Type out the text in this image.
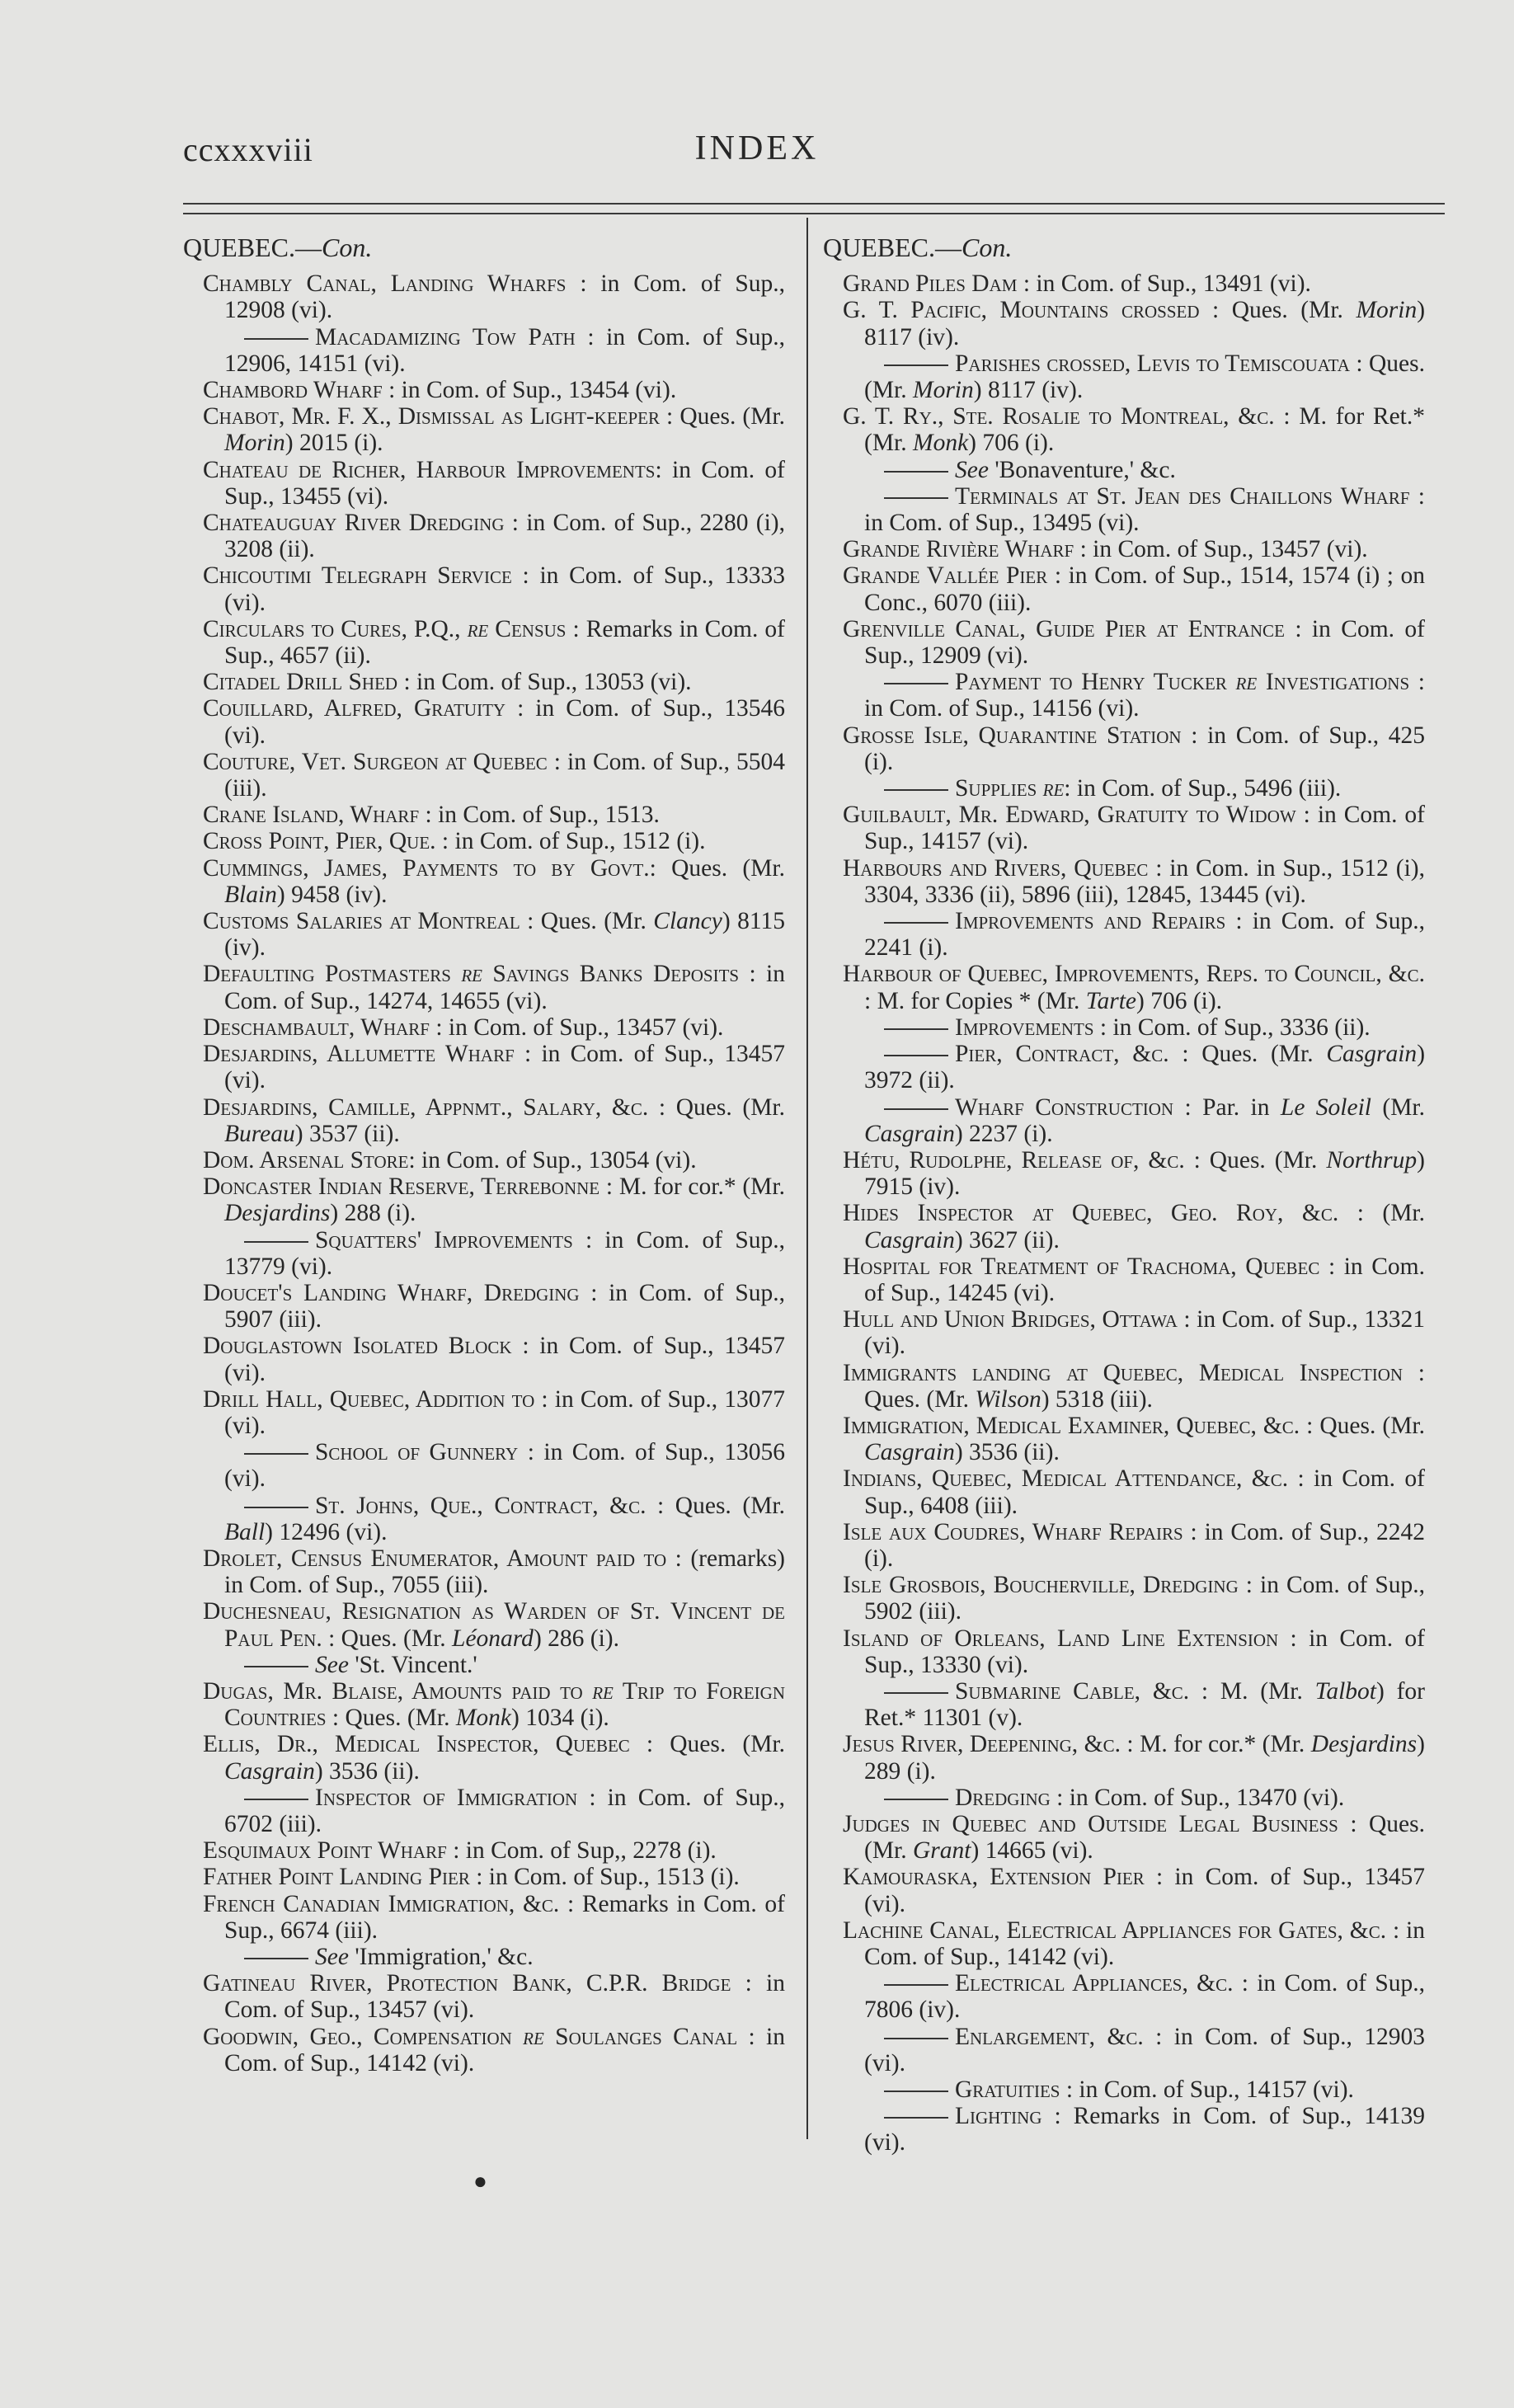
ccxxxviii	INDEX
QUEBEC.—Con.
Chambly Canal, Landing Wharfs : in Com. of Sup., 12908 (vi).
Macadamizing Tow Path : in Com. of Sup., 12906, 14151 (vi).
Chambord Wharf : in Com. of Sup., 13454 (vi).
Chabot, Mr. F. X., Dismissal as Light-keeper : Ques. (Mr. Morin) 2015 (i).
Chateau de Richer, Harbour Improvements: in Com. of Sup., 13455 (vi).
Chateauguay River Dredging : in Com. of Sup., 2280 (i), 3208 (ii).
Chicoutimi Telegraph Service : in Com. of Sup., 13333 (vi).
Circulars to Cures, P.Q., re Census : Remarks in Com. of Sup., 4657 (ii).
Citadel Drill Shed : in Com. of Sup., 13053 (vi).
Couillard, Alfred, Gratuity : in Com. of Sup., 13546 (vi).
Couture, Vet. Surgeon at Quebec : in Com. of Sup., 5504 (iii).
Crane Island, Wharf : in Com. of Sup., 1513.
Cross Point, Pier, Que. : in Com. of Sup., 1512 (i).
Cummings, James, Payments to by Govt.: Ques. (Mr. Blain) 9458 (iv).
Customs Salaries at Montreal : Ques. (Mr. Clancy) 8115 (iv).
Defaulting Postmasters re Savings Banks Deposits : in Com. of Sup., 14274, 14655 (vi).
Deschambault, Wharf : in Com. of Sup., 13457 (vi).
Desjardins, Allumette Wharf : in Com. of Sup., 13457 (vi).
Desjardins, Camille, Appnmt., Salary, &c. : Ques. (Mr. Bureau) 3537 (ii).
Dom. Arsenal Store: in Com. of Sup., 13054 (vi).
Doncaster Indian Reserve, Terrebonne : M. for cor.* (Mr. Desjardins) 288 (i).
Squatters' Improvements : in Com. of Sup., 13779 (vi).
Doucet's Landing Wharf, Dredging : in Com. of Sup., 5907 (iii).
Douglastown Isolated Block : in Com. of Sup., 13457 (vi).
Drill Hall, Quebec, Addition to : in Com. of Sup., 13077 (vi).
School of Gunnery : in Com. of Sup., 13056 (vi).
St. Johns, Que., Contract, &c. : Ques. (Mr. Ball) 12496 (vi).
Drolet, Census Enumerator, Amount paid to : (remarks) in Com. of Sup., 7055 (iii).
Duchesneau, Resignation as Warden of St. Vincent de Paul Pen. : Ques. (Mr. Léonard) 286 (i).
See 'St. Vincent.'
Dugas, Mr. Blaise, Amounts paid to re Trip to Foreign Countries : Ques. (Mr. Monk) 1034 (i).
Ellis, Dr., Medical Inspector, Quebec : Ques. (Mr. Casgrain) 3536 (ii).
Inspector of Immigration : in Com. of Sup., 6702 (iii).
Esquimaux Point Wharf : in Com. of Sup,, 2278 (i).
Father Point Landing Pier : in Com. of Sup., 1513 (i).
French Canadian Immigration, &c. : Remarks in Com. of Sup., 6674 (iii).
See 'Immigration,' &c.
Gatineau River, Protection Bank, C.P.R. Bridge : in Com. of Sup., 13457 (vi).
Goodwin, Geo., Compensation re Soulanges Canal : in Com. of Sup., 14142 (vi).
QUEBEC.—Con.
Grand Piles Dam : in Com. of Sup., 13491 (vi).
G. T. Pacific, Mountains crossed : Ques. (Mr. Morin) 8117 (iv).
Parishes crossed, Levis to Temiscouata : Ques. (Mr. Morin) 8117 (iv).
G. T. Ry., Ste. Rosalie to Montreal, &c. : M. for Ret.* (Mr. Monk) 706 (i).
See 'Bonaventure,' &c.
Terminals at St. Jean des Chaillons Wharf : in Com. of Sup., 13495 (vi).
Grande Rivière Wharf : in Com. of Sup., 13457 (vi).
Grande Vallée Pier : in Com. of Sup., 1514, 1574 (i) ; on Conc., 6070 (iii).
Grenville Canal, Guide Pier at Entrance : in Com. of Sup., 12909 (vi).
Payment to Henry Tucker re Investigations : in Com. of Sup., 14156 (vi).
Grosse Isle, Quarantine Station : in Com. of Sup., 425 (i).
Supplies re: in Com. of Sup., 5496 (iii).
Guilbault, Mr. Edward, Gratuity to Widow : in Com. of Sup., 14157 (vi).
Harbours and Rivers, Quebec : in Com. in Sup., 1512 (i), 3304, 3336 (ii), 5896 (iii), 12845, 13445 (vi).
Improvements and Repairs : in Com. of Sup., 2241 (i).
Harbour of Quebec, Improvements, Reps. to Council, &c. : M. for Copies * (Mr. Tarte) 706 (i).
Improvements : in Com. of Sup., 3336 (ii).
Pier, Contract, &c. : Ques. (Mr. Casgrain) 3972 (ii).
Wharf Construction : Par. in Le Soleil (Mr. Casgrain) 2237 (i).
Hétu, Rudolphe, Release of, &c. : Ques. (Mr. Northrup) 7915 (iv).
Hides Inspector at Quebec, Geo. Roy, &c. : (Mr. Casgrain) 3627 (ii).
Hospital for Treatment of Trachoma, Quebec : in Com. of Sup., 14245 (vi).
Hull and Union Bridges, Ottawa : in Com. of Sup., 13321 (vi).
Immigrants landing at Quebec, Medical Inspection : Ques. (Mr. Wilson) 5318 (iii).
Immigration, Medical Examiner, Quebec, &c. : Ques. (Mr. Casgrain) 3536 (ii).
Indians, Quebec, Medical Attendance, &c. : in Com. of Sup., 6408 (iii).
Isle aux Coudres, Wharf Repairs : in Com. of Sup., 2242 (i).
Isle Grosbois, Boucherville, Dredging : in Com. of Sup., 5902 (iii).
Island of Orleans, Land Line Extension : in Com. of Sup., 13330 (vi).
Submarine Cable, &c. : M. (Mr. Talbot) for Ret.* 11301 (v).
Jesus River, Deepening, &c. : M. for cor.* (Mr. Desjardins) 289 (i).
Dredging : in Com. of Sup., 13470 (vi).
Judges in Quebec and Outside Legal Business : Ques. (Mr. Grant) 14665 (vi).
Kamouraska, Extension Pier : in Com. of Sup., 13457 (vi).
Lachine Canal, Electrical Appliances for Gates, &c. : in Com. of Sup., 14142 (vi).
Electrical Appliances, &c. : in Com. of Sup., 7806 (iv).
Enlargement, &c. : in Com. of Sup., 12903 (vi).
Gratuities : in Com. of Sup., 14157 (vi).
Lighting : Remarks in Com. of Sup., 14139 (vi).
●
